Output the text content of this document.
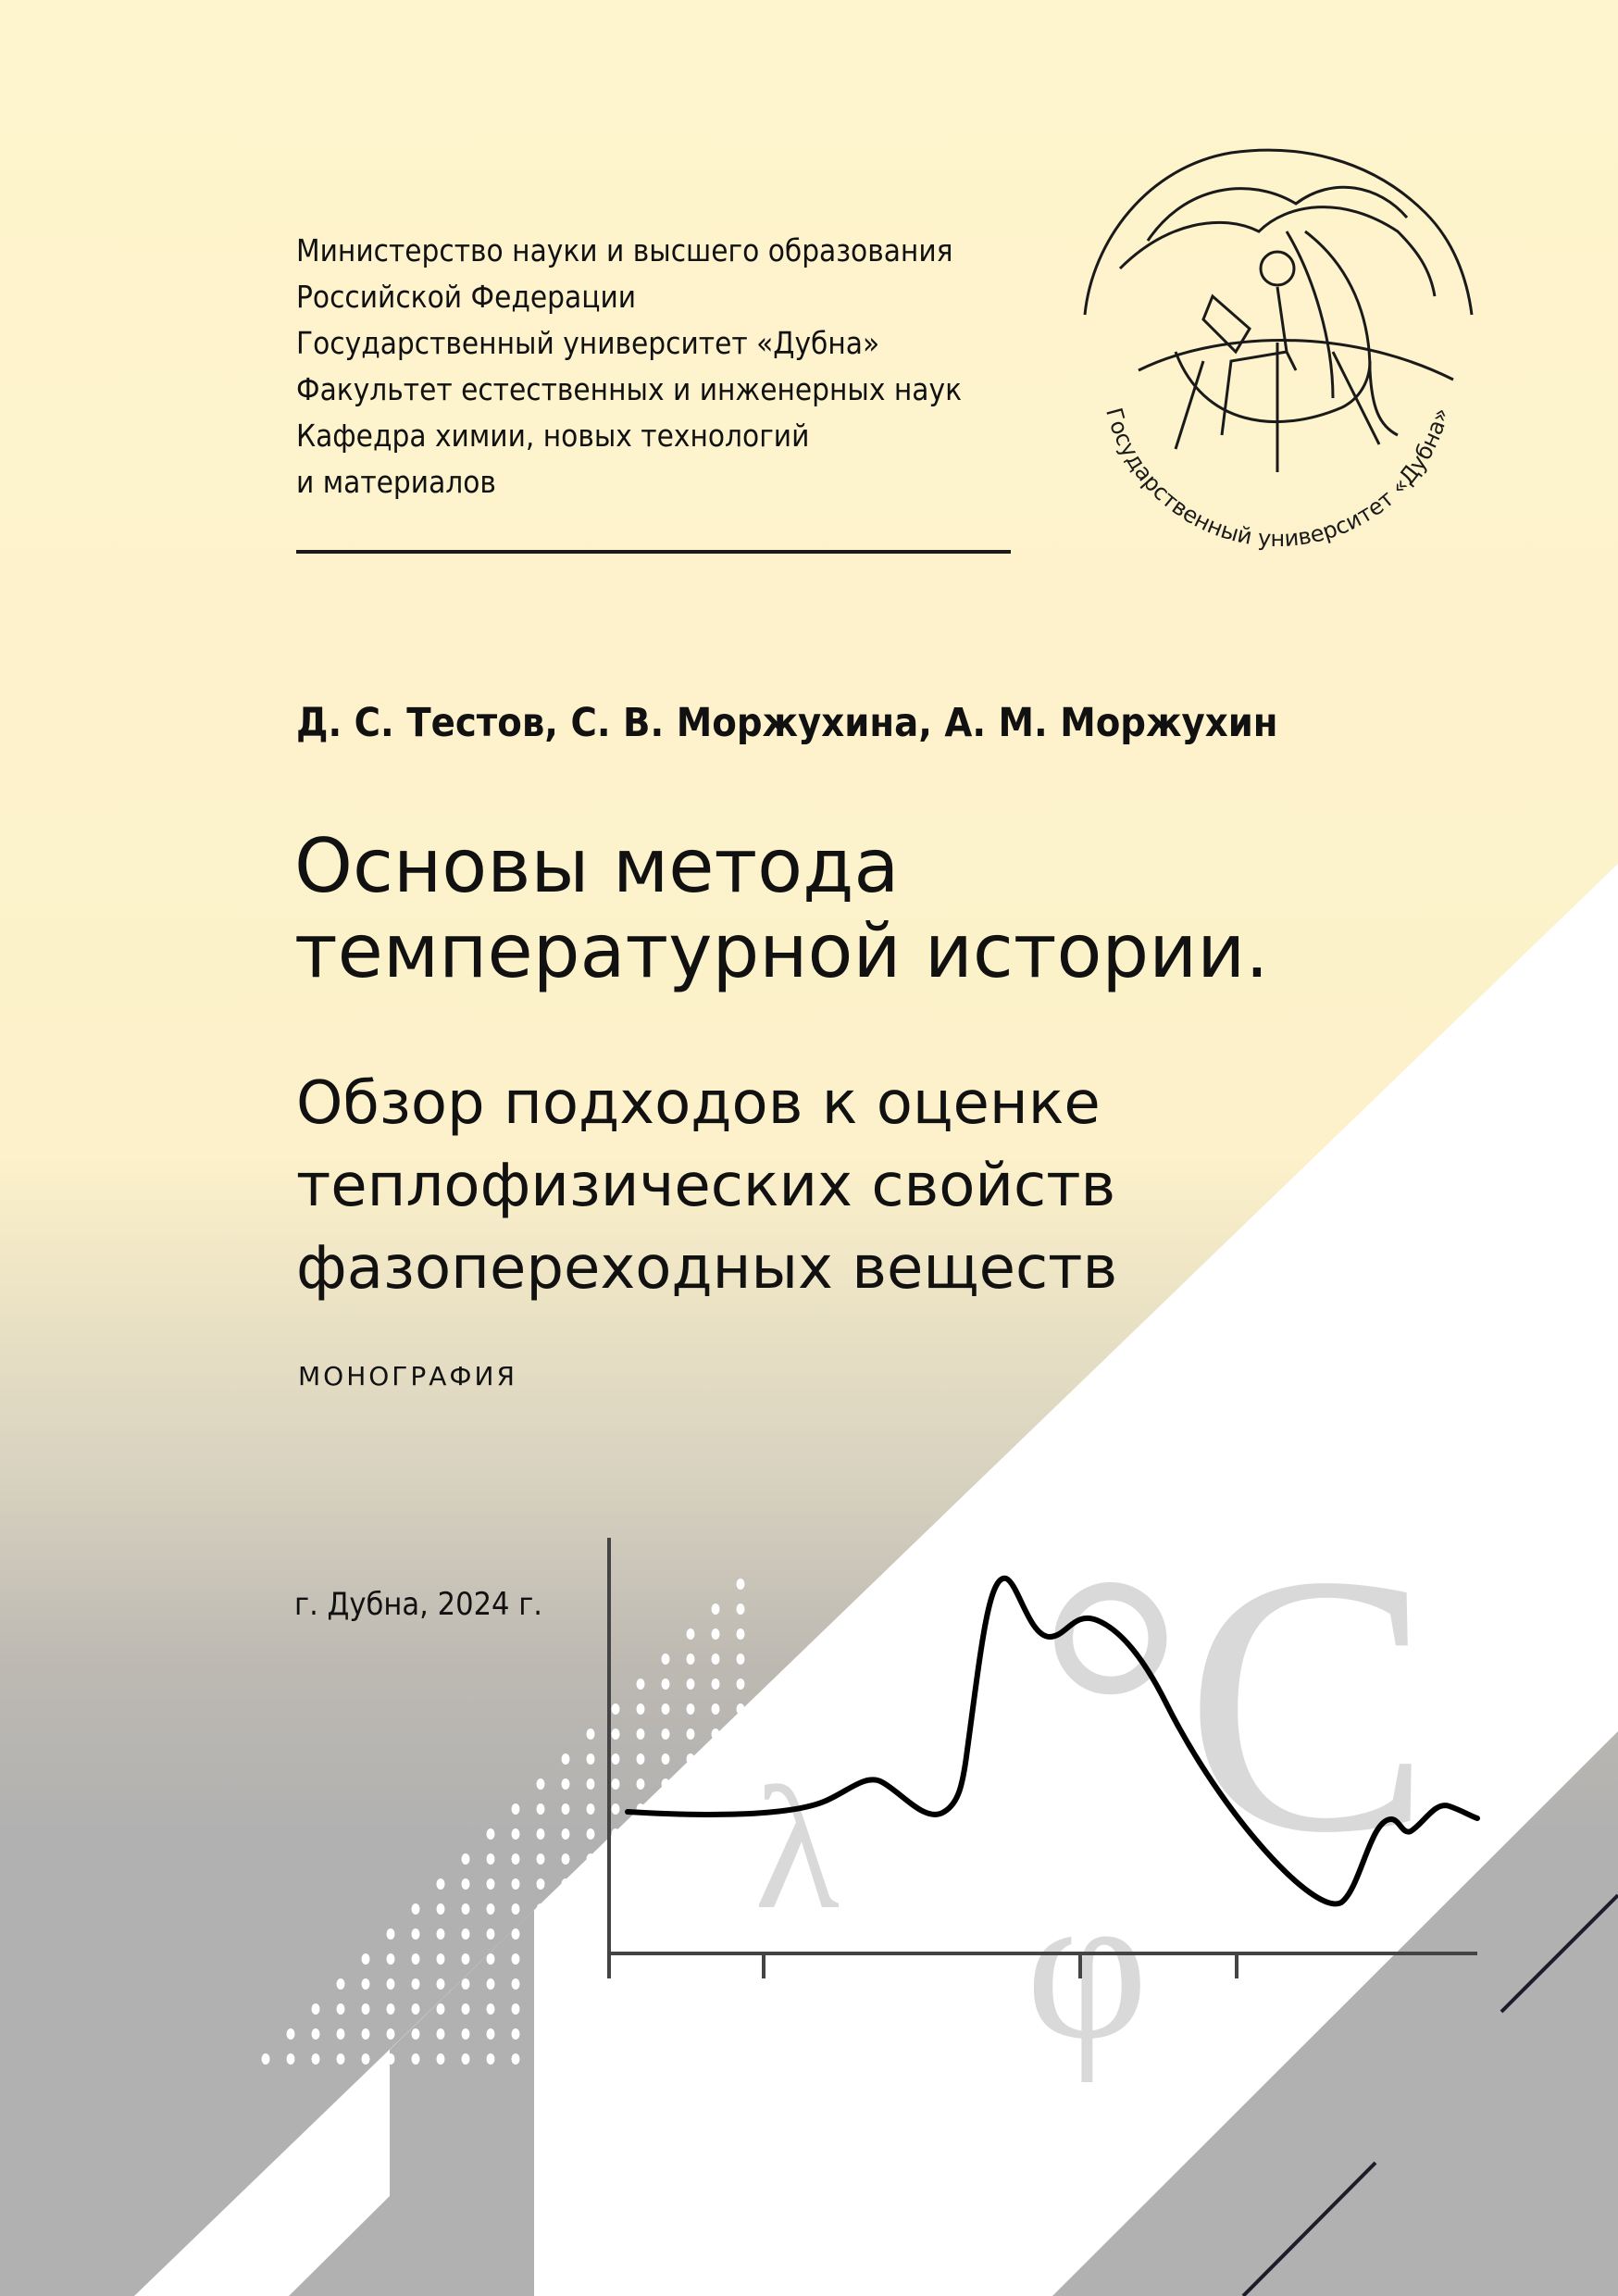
λ °C
φ
Государственный университет «Дубна»
Министерство науки и высшего образования
Российской Федерации
Государственный университет «Дубна»
Факультет естественных и инженерных наук
Кафедра химии, новых технологий
и материалов
Д. С. Тестов, С. В. Моржухина, А. М. Моржухин
Основы метода
температурной истории.
Обзор подходов к оценке
теплофизических свойств
фазопереходных веществ
МОНОГРАФИЯ
г. Дубна, 2024 г.
